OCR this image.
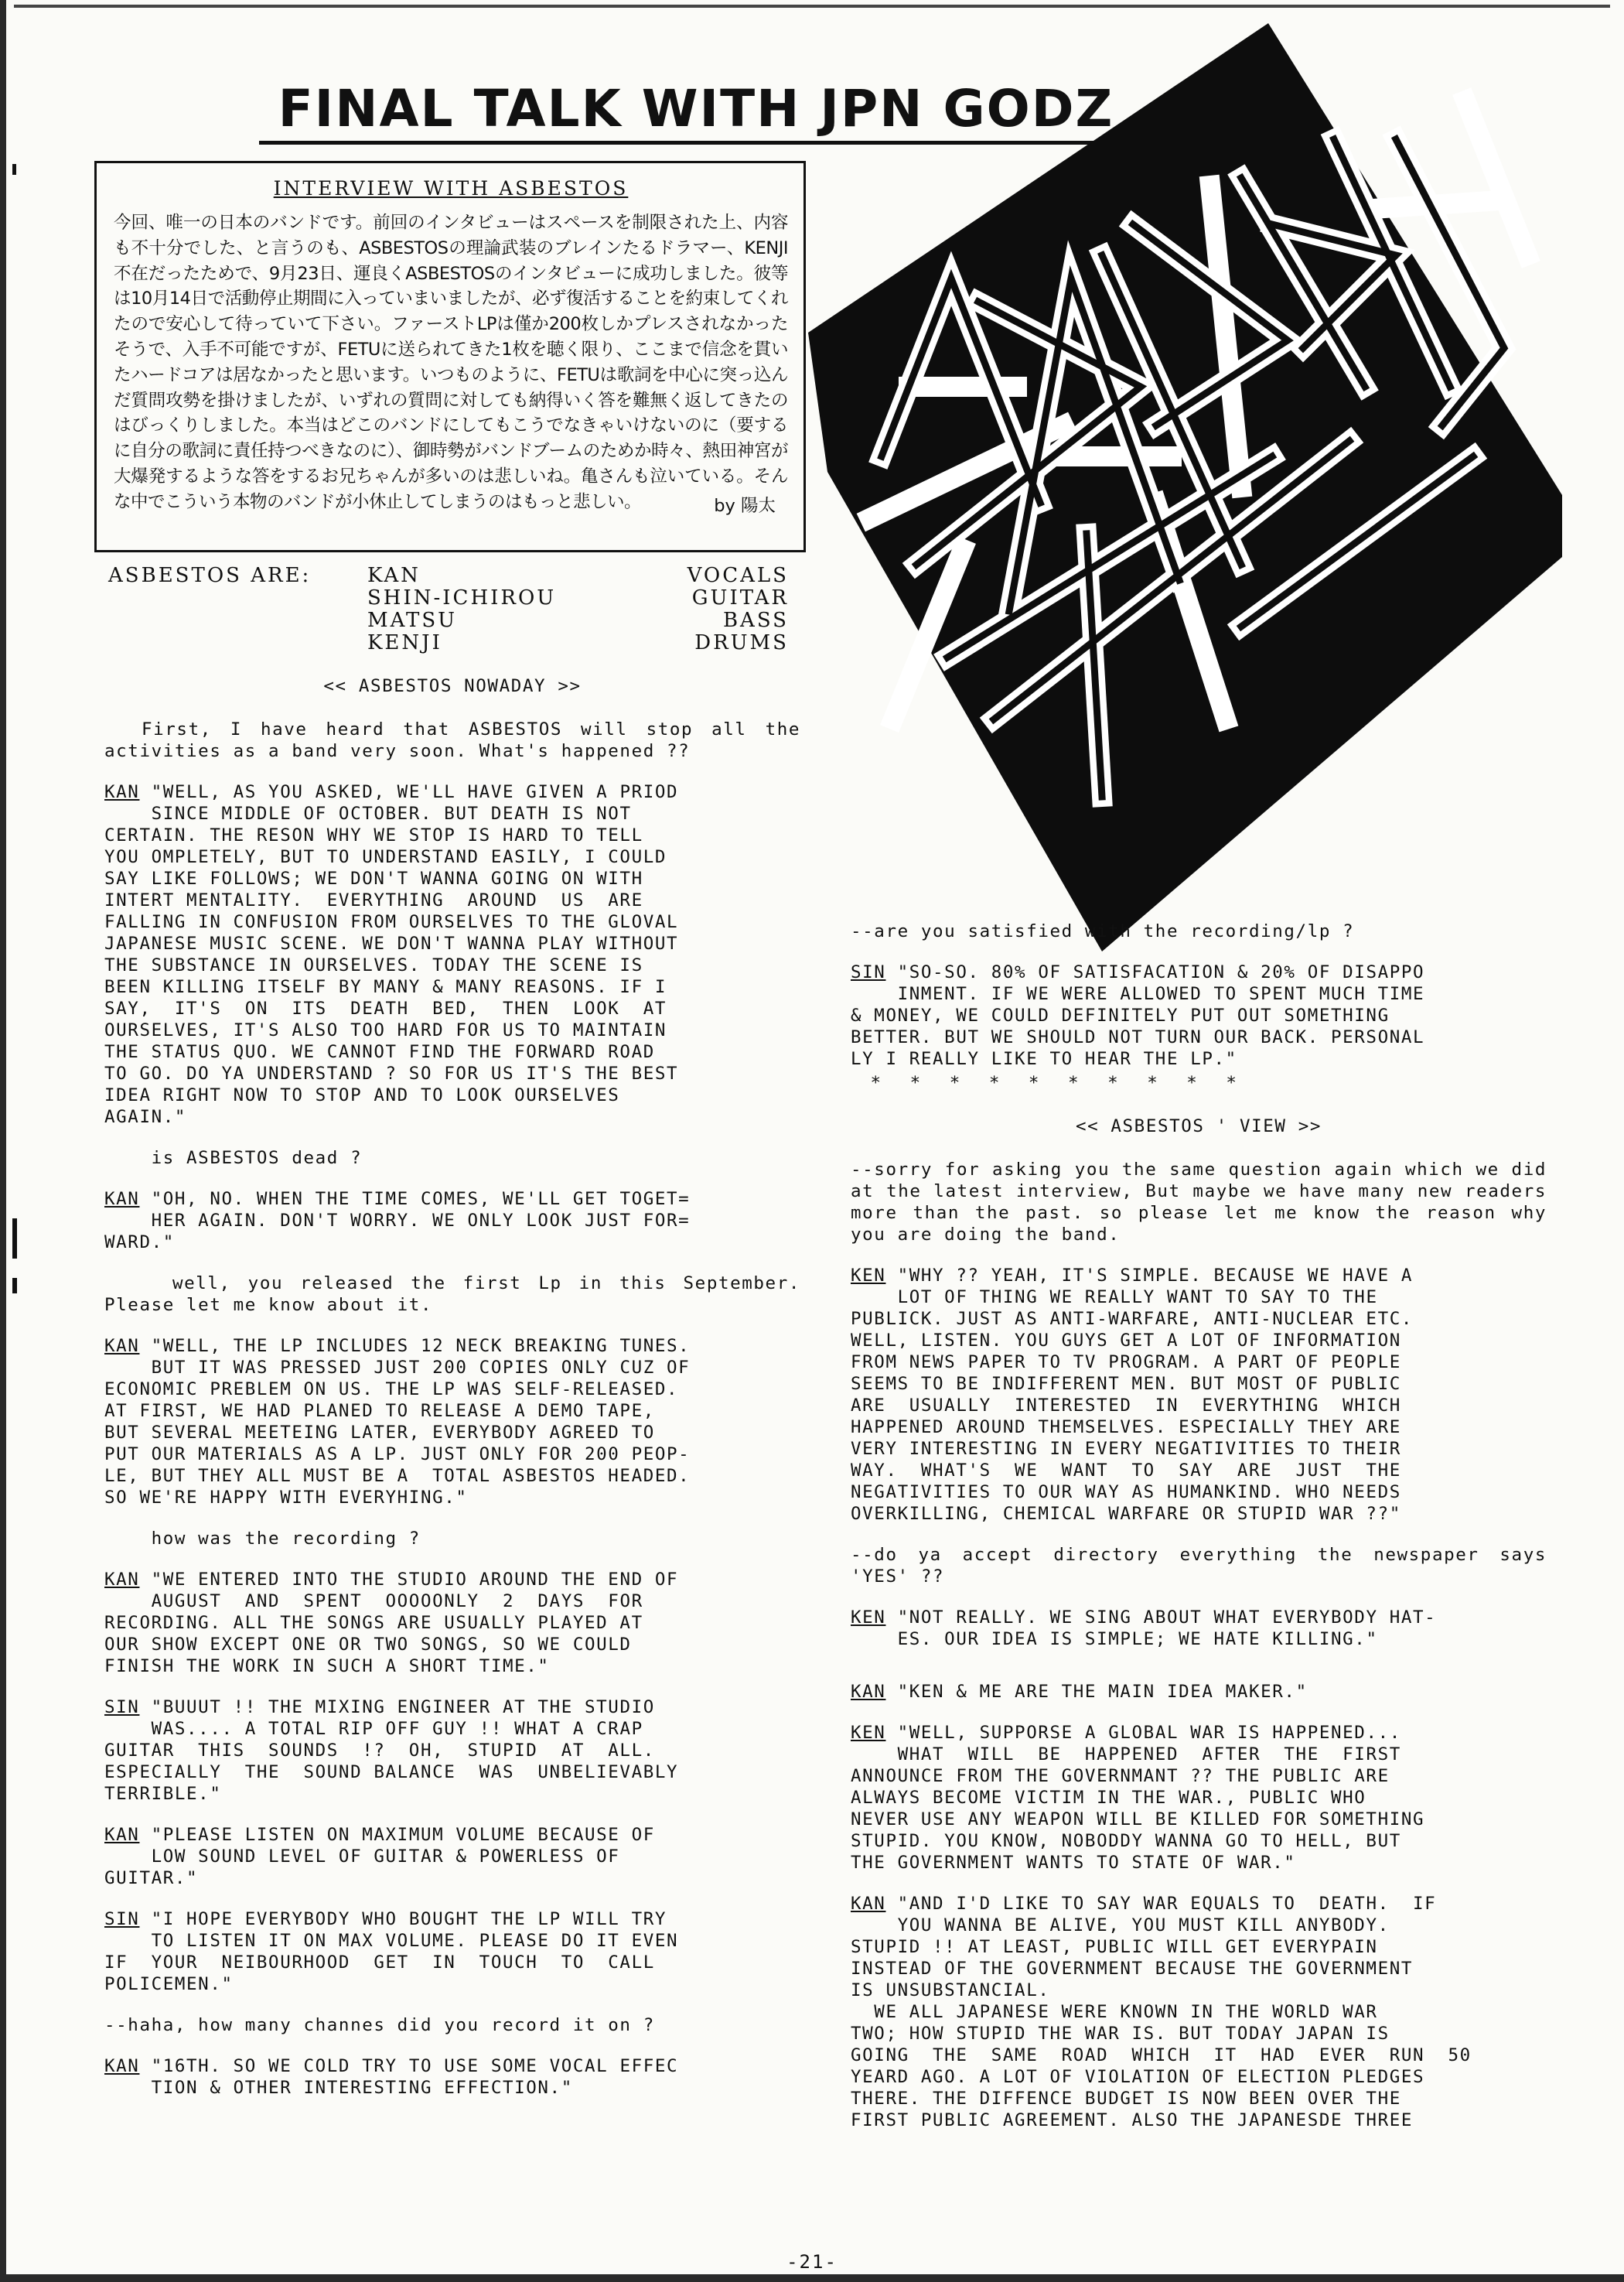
FINAL TALK WITH JPN GODZ
INTERVIEW WITH ASBESTOS

今回、唯一の日本のバンドです。前回のインタビューはスペースを制限された上、内容も不十分でした、と言うのも、ASBESTOSの理論武装のブレインたるドラマー、KENJI 不在だったためで、9月23日、運良くASBESTOSのインタビューに成功しました。彼等は10月14日で活動停止期間に入っていまいましたが、必ず復活することを約束してくれたので安心して待っていて下さい。ファーストLPは僅か200枚しかプレスされなかったそうで、入手不可能ですが、FETUに送られてきた1枚を聴く限り、ここまで信念を貫いたハードコアは居なかったと思います。いつものように、FETUは歌詞を中心に突っ込んだ質問攻勢を掛けましたが、いずれの質問に対しても納得いく答を難無く返してきたのはびっくりしました。本当はどこのバンドにしてもこうでなきゃいけないのに（要するに自分の歌詞に責任持つべきなのに）、御時勢がバンドブームのためか時々、熱田神宮が大爆発するような答をするお兄ちゃんが多いのは悲しいね。亀さんも泣いている。そんな中でこういう本物のバンドが小休止してしまうのはもっと悲しい。	by 陽太
ASBESTOS ARE:	KAN	VOCALS
SHIN-ICHIROU	GUITAR
MATSU	BASS
KENJI	DRUMS

<< ASBESTOS NOWADAY >>

First, I have heard that ASBESTOS will stop all the activities as a band very soon. What's happened ??

KAN "WELL, AS YOU ASKED, WE'LL HAVE GIVEN A PRIOD
SINCE MIDDLE OF OCTOBER. BUT DEATH IS NOT
CERTAIN. THE RESON WHY WE STOP IS HARD TO TELL
YOU OMPLETELY, BUT TO UNDERSTAND EASILY, I COULD
SAY LIKE FOLLOWS; WE DON'T WANNA GOING ON WITH
INTERT MENTALITY.  EVERYTHING  AROUND  US  ARE
FALLING IN CONFUSION FROM OURSELVES TO THE GLOVAL
JAPANESE MUSIC SCENE. WE DON'T WANNA PLAY WITHOUT
THE SUBSTANCE IN OURSELVES. TODAY THE SCENE IS
BEEN KILLING ITSELF BY MANY & MANY REASONS. IF I
SAY,  IT'S  ON  ITS  DEATH  BED,  THEN  LOOK  AT
OURSELVES, IT'S ALSO TOO HARD FOR US TO MAINTAIN
THE STATUS QUO. WE CANNOT FIND THE FORWARD ROAD
TO GO. DO YA UNDERSTAND ? SO FOR US IT'S THE BEST
IDEA RIGHT NOW TO STOP AND TO LOOK OURSELVES
AGAIN."

is ASBESTOS dead ?

KAN "OH, NO. WHEN THE TIME COMES, WE'LL GET TOGET=
HER AGAIN. DON'T WORRY. WE ONLY LOOK JUST FOR=
WARD."

well, you released the first Lp in this September. Please let me know about it.

KAN "WELL, THE LP INCLUDES 12 NECK BREAKING TUNES.
BUT IT WAS PRESSED JUST 200 COPIES ONLY CUZ OF
ECONOMIC PREBLEM ON US. THE LP WAS SELF-RELEASED.
AT FIRST, WE HAD PLANED TO RELEASE A DEMO TAPE,
BUT SEVERAL MEETEING LATER, EVERYBODY AGREED TO
PUT OUR MATERIALS AS A LP. JUST ONLY FOR 200 PEOP-
LE, BUT THEY ALL MUST BE A  TOTAL ASBESTOS HEADED.
SO WE'RE HAPPY WITH EVERYHING."

how was the recording ?

KAN "WE ENTERED INTO THE STUDIO AROUND THE END OF
AUGUST  AND  SPENT  OOOOONLY  2  DAYS  FOR
RECORDING. ALL THE SONGS ARE USUALLY PLAYED AT
OUR SHOW EXCEPT ONE OR TWO SONGS, SO WE COULD
FINISH THE WORK IN SUCH A SHORT TIME."

SIN "BUUUT !! THE MIXING ENGINEER AT THE STUDIO
WAS.... A TOTAL RIP OFF GUY !! WHAT A CRAP
GUITAR  THIS  SOUNDS  !?  OH,  STUPID  AT  ALL.
ESPECIALLY  THE  SOUND BALANCE  WAS  UNBELIEVABLY
TERRIBLE."

KAN "PLEASE LISTEN ON MAXIMUM VOLUME BECAUSE OF
LOW SOUND LEVEL OF GUITAR & POWERLESS OF
GUITAR."

SIN "I HOPE EVERYBODY WHO BOUGHT THE LP WILL TRY
TO LISTEN IT ON MAX VOLUME. PLEASE DO IT EVEN
IF  YOUR  NEIBOURHOOD  GET  IN  TOUCH  TO  CALL
POLICEMEN."

--haha, how many channes did you record it on ?

KAN "16TH. SO WE COLD TRY TO USE SOME VOCAL EFFEC
TION & OTHER INTERESTING EFFECTION."

--are you satisfied with the recording/lp ?

SIN "SO-SO. 80% OF SATISFACATION & 20% OF DISAPPO
INMENT. IF WE WERE ALLOWED TO SPENT MUCH TIME
& MONEY, WE COULD DEFINITELY PUT OUT SOMETHING
BETTER. BUT WE SHOULD NOT TURN OUR BACK. PERSONAL
LY I REALLY LIKE TO HEAR THE LP."

* * * * * * * * * *

<< ASBESTOS ' VIEW >>

--sorry for asking you the same question again which we did at the latest interview, But maybe we have many new readers more than the past. so please let me know the reason why you are doing the band.

KEN "WHY ?? YEAH, IT'S SIMPLE. BECAUSE WE HAVE A
LOT OF THING WE REALLY WANT TO SAY TO THE
PUBLICK. JUST AS ANTI-WARFARE, ANTI-NUCLEAR ETC.
WELL, LISTEN. YOU GUYS GET A LOT OF INFORMATION
FROM NEWS PAPER TO TV PROGRAM. A PART OF PEOPLE
SEEMS TO BE INDIFFERENT MEN. BUT MOST OF PUBLIC
ARE  USUALLY  INTERESTED  IN  EVERYTHING  WHICH
HAPPENED AROUND THEMSELVES. ESPECIALLY THEY ARE
VERY INTERESTING IN EVERY NEGATIVITIES TO THEIR
WAY.  WHAT'S  WE  WANT  TO  SAY  ARE  JUST  THE
NEGATIVITIES TO OUR WAY AS HUMANKIND. WHO NEEDS
OVERKILLING, CHEMICAL WARFARE OR STUPID WAR ??"

--do ya accept directory everything the newspaper says 'YES' ??

KEN "NOT REALLY. WE SING ABOUT WHAT EVERYBODY HAT-
ES. OUR IDEA IS SIMPLE; WE HATE KILLING."

KAN "KEN & ME ARE THE MAIN IDEA MAKER."

KEN "WELL, SUPPORSE A GLOBAL WAR IS HAPPENED...
WHAT  WILL  BE  HAPPENED  AFTER  THE  FIRST
ANNOUNCE FROM THE GOVERNMANT ?? THE PUBLIC ARE
ALWAYS BECOME VICTIM IN THE WAR., PUBLIC WHO
NEVER USE ANY WEAPON WILL BE KILLED FOR SOMETHING
STUPID. YOU KNOW, NOBODDY WANNA GO TO HELL, BUT
THE GOVERNMENT WANTS TO STATE OF WAR."

KAN "AND I'D LIKE TO SAY WAR EQUALS TO  DEATH.  IF
YOU WANNA BE ALIVE, YOU MUST KILL ANYBODY.
STUPID !! AT LEAST, PUBLIC WILL GET EVERYPAIN
INSTEAD OF THE GOVERNMENT BECAUSE THE GOVERNMENT
IS UNSUBSTANCIAL.
WE ALL JAPANESE WERE KNOWN IN THE WORLD WAR
TWO; HOW STUPID THE WAR IS. BUT TODAY JAPAN IS
GOING  THE  SAME  ROAD  WHICH  IT  HAD  EVER  RUN  50
YEARD AGO. A LOT OF VIOLATION OF ELECTION PLEDGES
THERE. THE DIFFENCE BUDGET IS NOW BEEN OVER THE
FIRST PUBLIC AGREEMENT. ALSO THE JAPANESDE THREE

-21-
